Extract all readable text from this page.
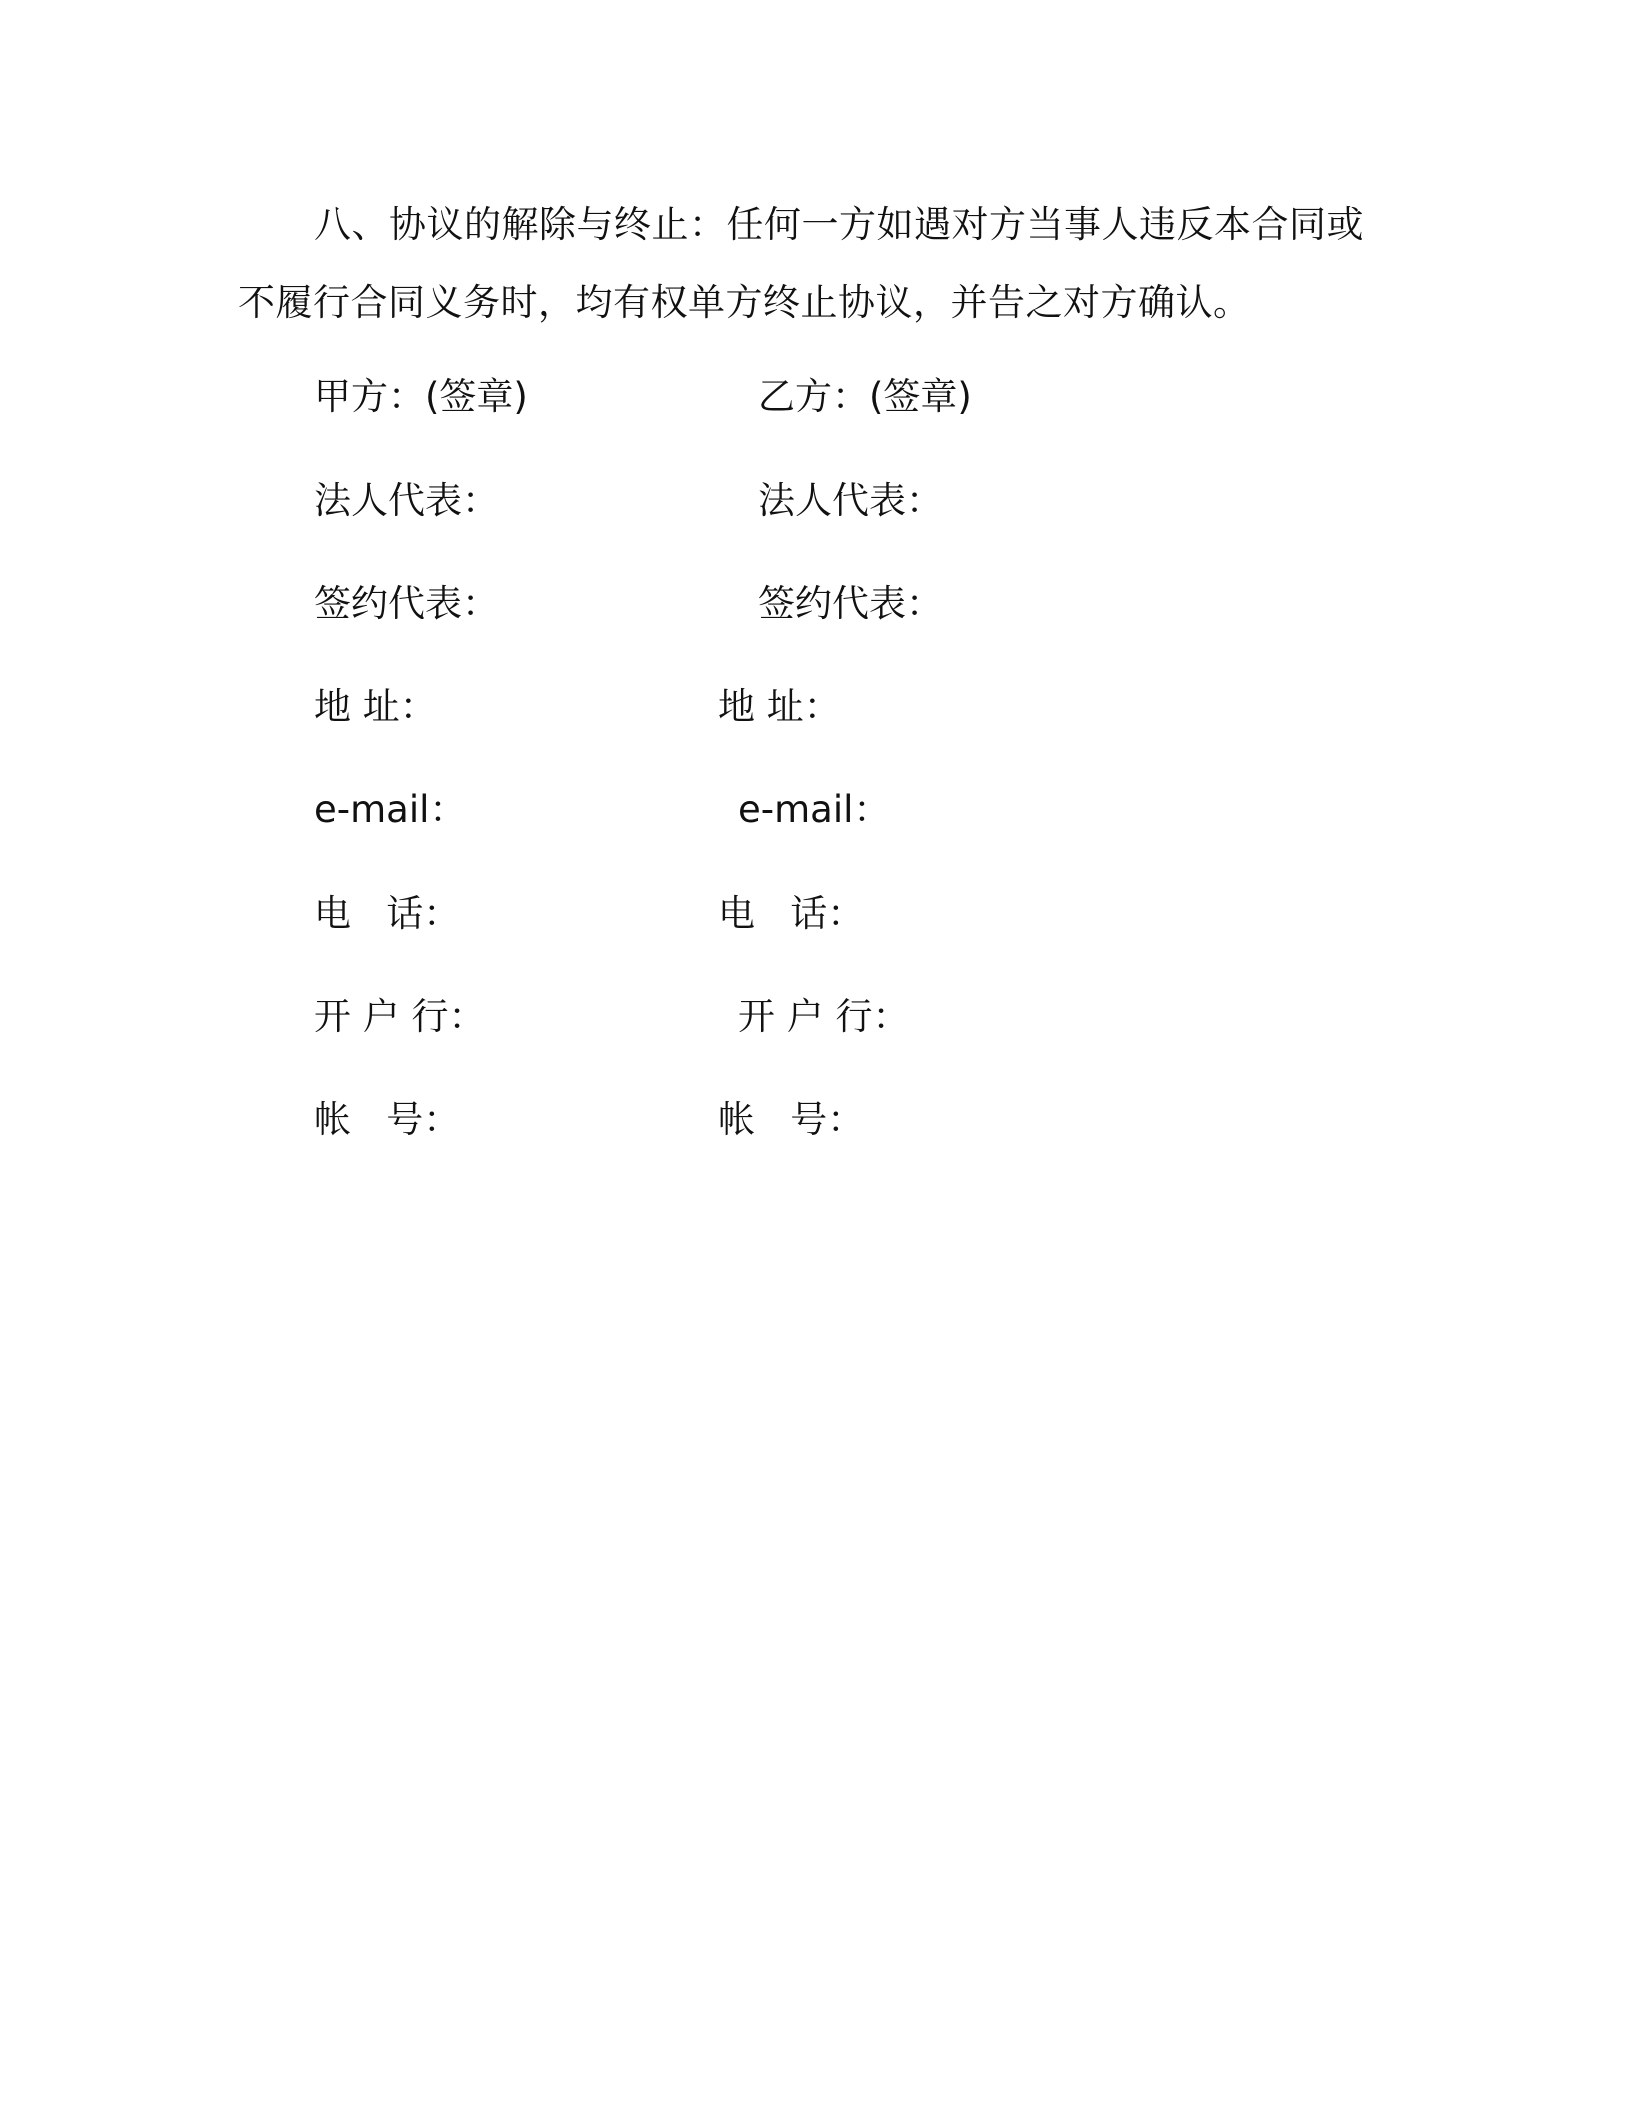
八、协议的解除与终止：任何一方如遇对方当事人违反本合同或
不履行合同义务时，均有权单方终止协议，并告之对方确认。

甲方：(签章)
法人代表：
签约代表：
地 址：
e-mail：
电   话：
开 户 行：
帐   号：
乙方：(签章)
法人代表：
签约代表：
地 址：
e-mail：
电   话：
开 户 行：
帐   号：
